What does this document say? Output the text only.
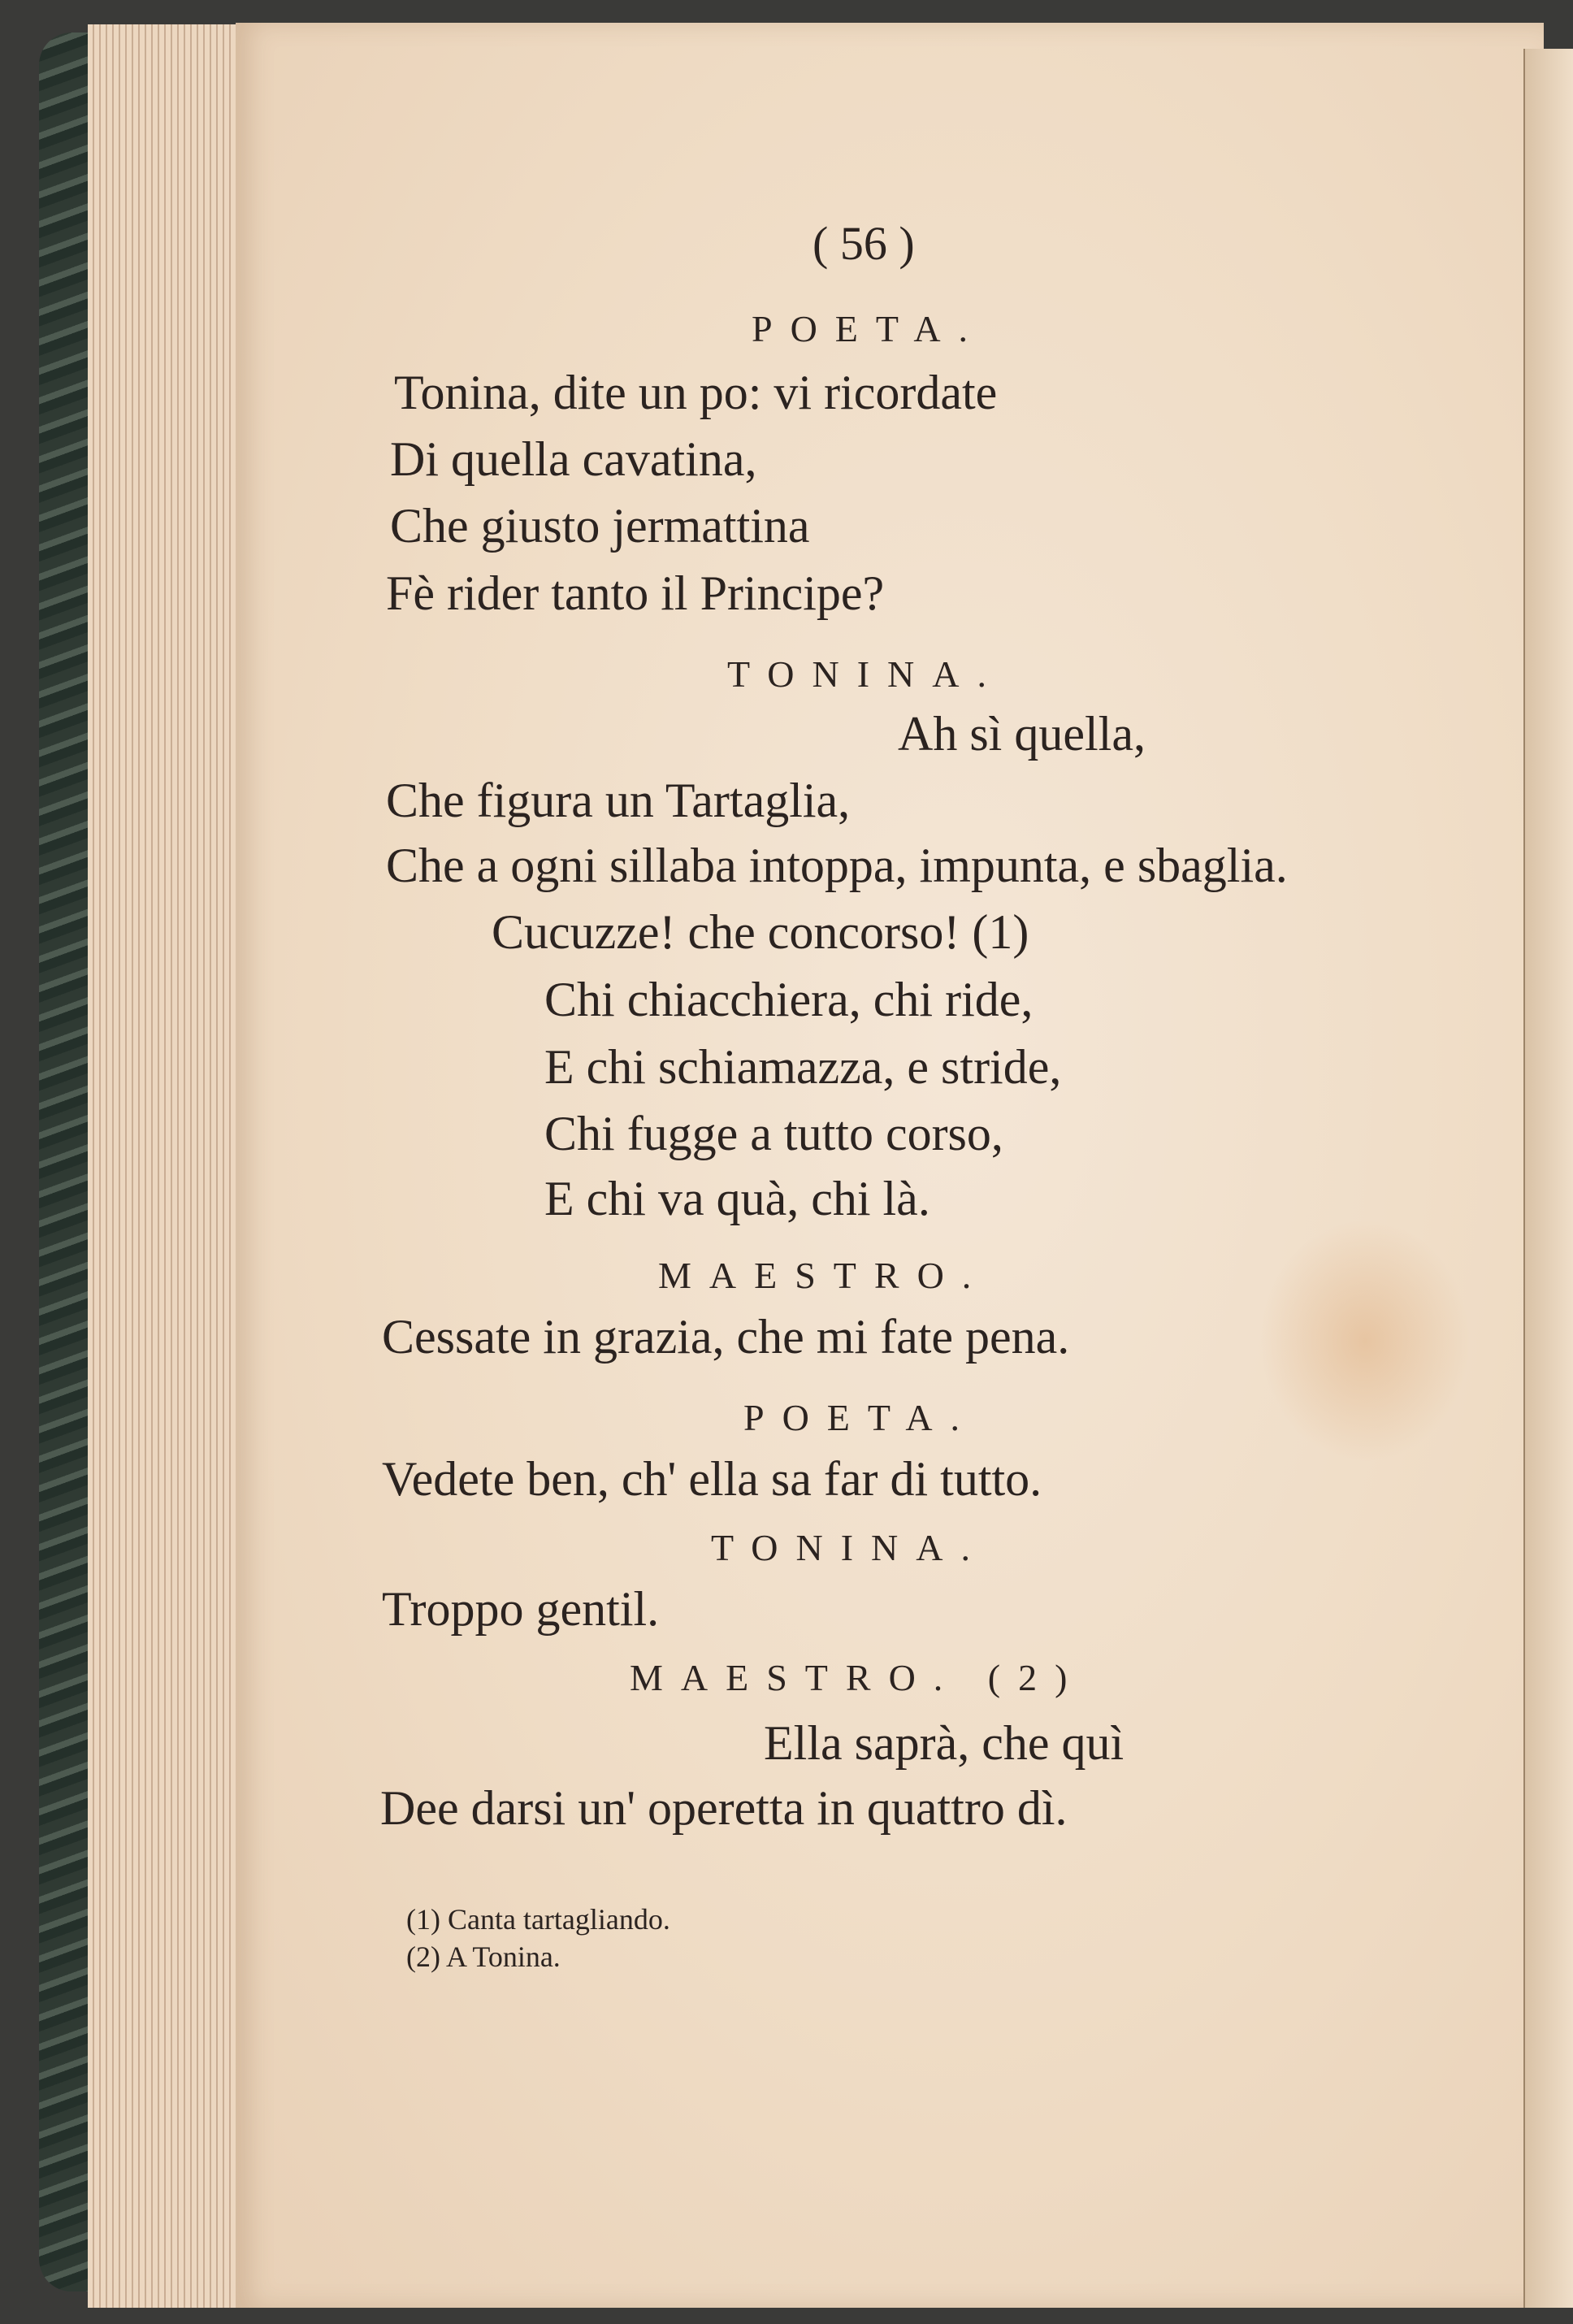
( 56 )
POETA.
Tonina, dite un po: vi ricordate
Di quella cavatina,
Che giusto jermattina
Fè rider tanto il Principe?
TONINA.
Ah sì quella,
Che figura un Tartaglia,
Che a ogni sillaba intoppa, impunta, e sbaglia.
Cucuzze! che concorso! (1)
Chi chiacchiera, chi ride,
E chi schiamazza, e stride,
Chi fugge a tutto corso,
E chi va quà, chi là.
MAESTRO.
Cessate in grazia, che mi fate pena.
POETA.
Vedete ben, ch' ella sa far di tutto.
TONINA.
Troppo gentil.
MAESTRO. (2)
Ella saprà, che quì
Dee darsi un' operetta in quattro dì.
(1) Canta tartagliando.
(2) A Tonina.
